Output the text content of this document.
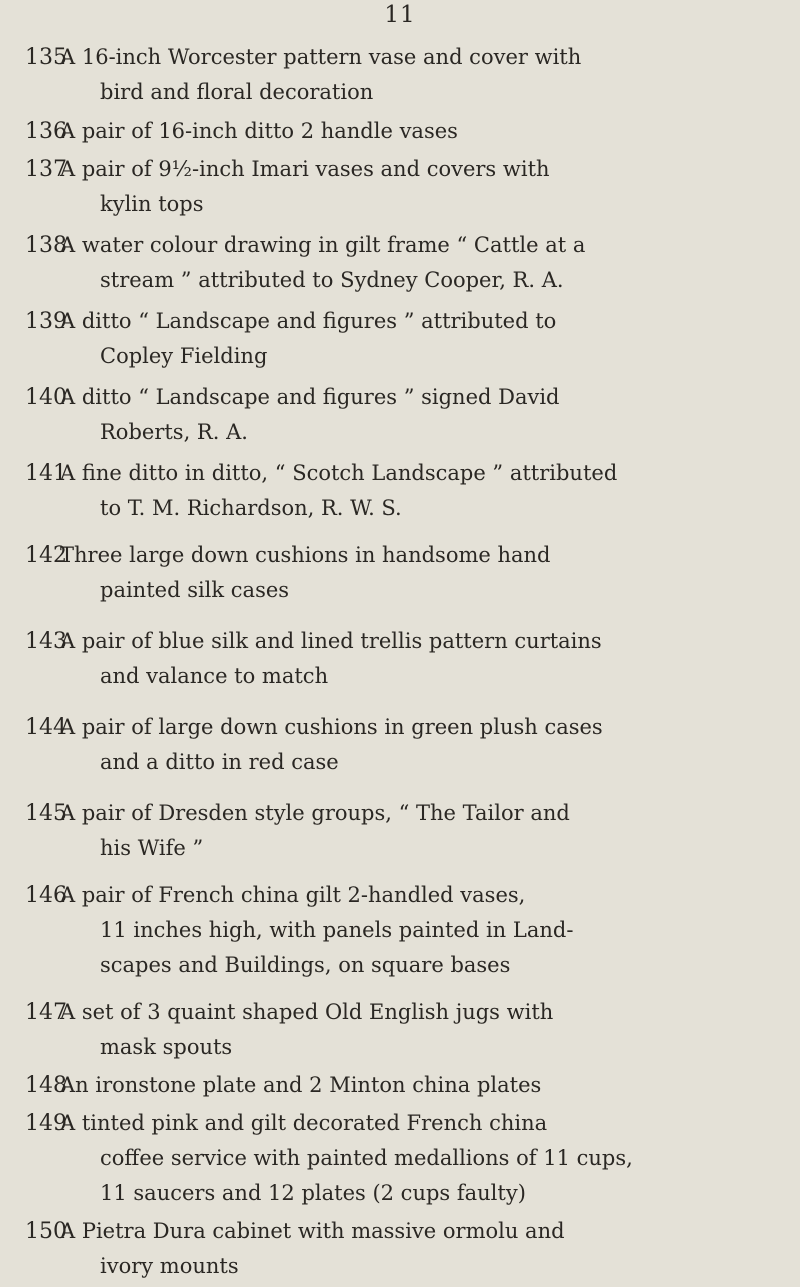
11
135
A 16-inch Worcester pattern vase and cover with
bird and floral decoration
136
A pair of 16-inch ditto 2 handle vases
137
A pair of 9½-inch Imari vases and covers with
kylin tops
138
A water colour drawing in gilt frame “ Cattle at a
stream ” attributed to Sydney Cooper, R. A.
139
A ditto “ Landscape and figures ” attributed to
Copley Fielding
140
A ditto “ Landscape and figures ” signed David
Roberts, R. A.
141
A fine ditto in ditto, “ Scotch Landscape ” attributed
to T. M. Richardson, R. W. S.
142
Three large down cushions in handsome hand
painted silk cases
143
A pair of blue silk and lined trellis pattern curtains
and valance to match
144
A pair of large down cushions in green plush cases
and a ditto in red case
145
A pair of Dresden style groups, “ The Tailor and
his Wife ”
146
A pair of French china gilt 2-handled vases,
11 inches high, with panels painted in Land-
scapes and Buildings, on square bases
147
A set of 3 quaint shaped Old English jugs with
mask spouts
148
An ironstone plate and 2 Minton china plates
149
A tinted pink and gilt decorated French china
coffee service with painted medallions of 11 cups,
11 saucers and 12 plates (2 cups faulty)
150
A Pietra Dura cabinet with massive ormolu and
ivory mounts
